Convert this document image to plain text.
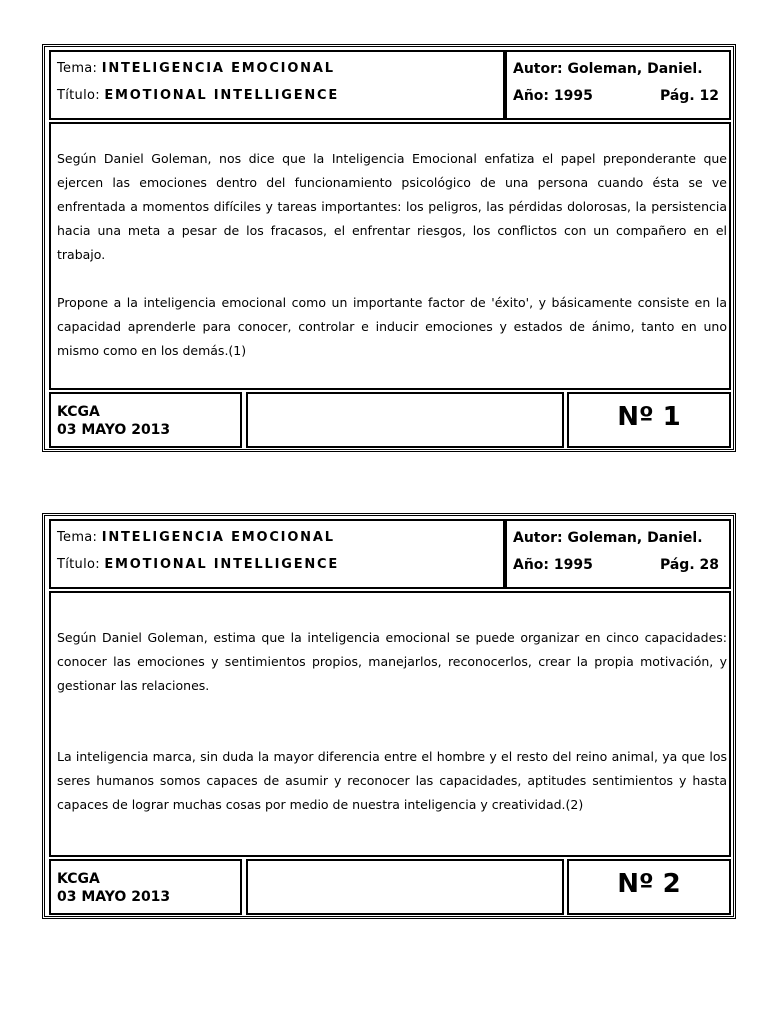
Tema: INTELIGENCIA EMOCIONAL
Título: EMOTIONAL INTELLIGENCE
Autor: Goleman, Daniel.
Año: 1995	Pág. 12

Según Daniel Goleman, nos dice que la Inteligencia Emocional enfatiza el papel preponderante que ejercen las emociones dentro del funcionamiento psicológico de una persona cuando ésta se ve enfrentada a momentos difíciles y tareas importantes: los peligros, las pérdidas dolorosas, la persistencia hacia una meta a pesar de los fracasos, el enfrentar riesgos, los conflictos con un compañero en el trabajo.

Propone a la inteligencia emocional como un importante factor de 'éxito', y básicamente consiste en la capacidad aprenderle para conocer, controlar e inducir emociones y estados de ánimo, tanto en uno mismo como en los demás.(1)

KCGA
03 MAYO 2013	Nº 1
Tema: INTELIGENCIA EMOCIONAL
Título: EMOTIONAL INTELLIGENCE
Autor: Goleman, Daniel.
Año: 1995	Pág. 28

Según Daniel Goleman, estima que la inteligencia emocional se puede organizar en cinco capacidades: conocer las emociones y sentimientos propios, manejarlos, reconocerlos, crear la propia motivación, y gestionar las relaciones.

La inteligencia marca, sin duda la mayor diferencia entre el hombre y el resto del reino animal, ya que los seres humanos somos capaces de asumir y reconocer las capacidades, aptitudes sentimientos y hasta capaces de lograr muchas cosas por medio de nuestra inteligencia y creatividad.(2)

KCGA
03 MAYO 2013	Nº 2
